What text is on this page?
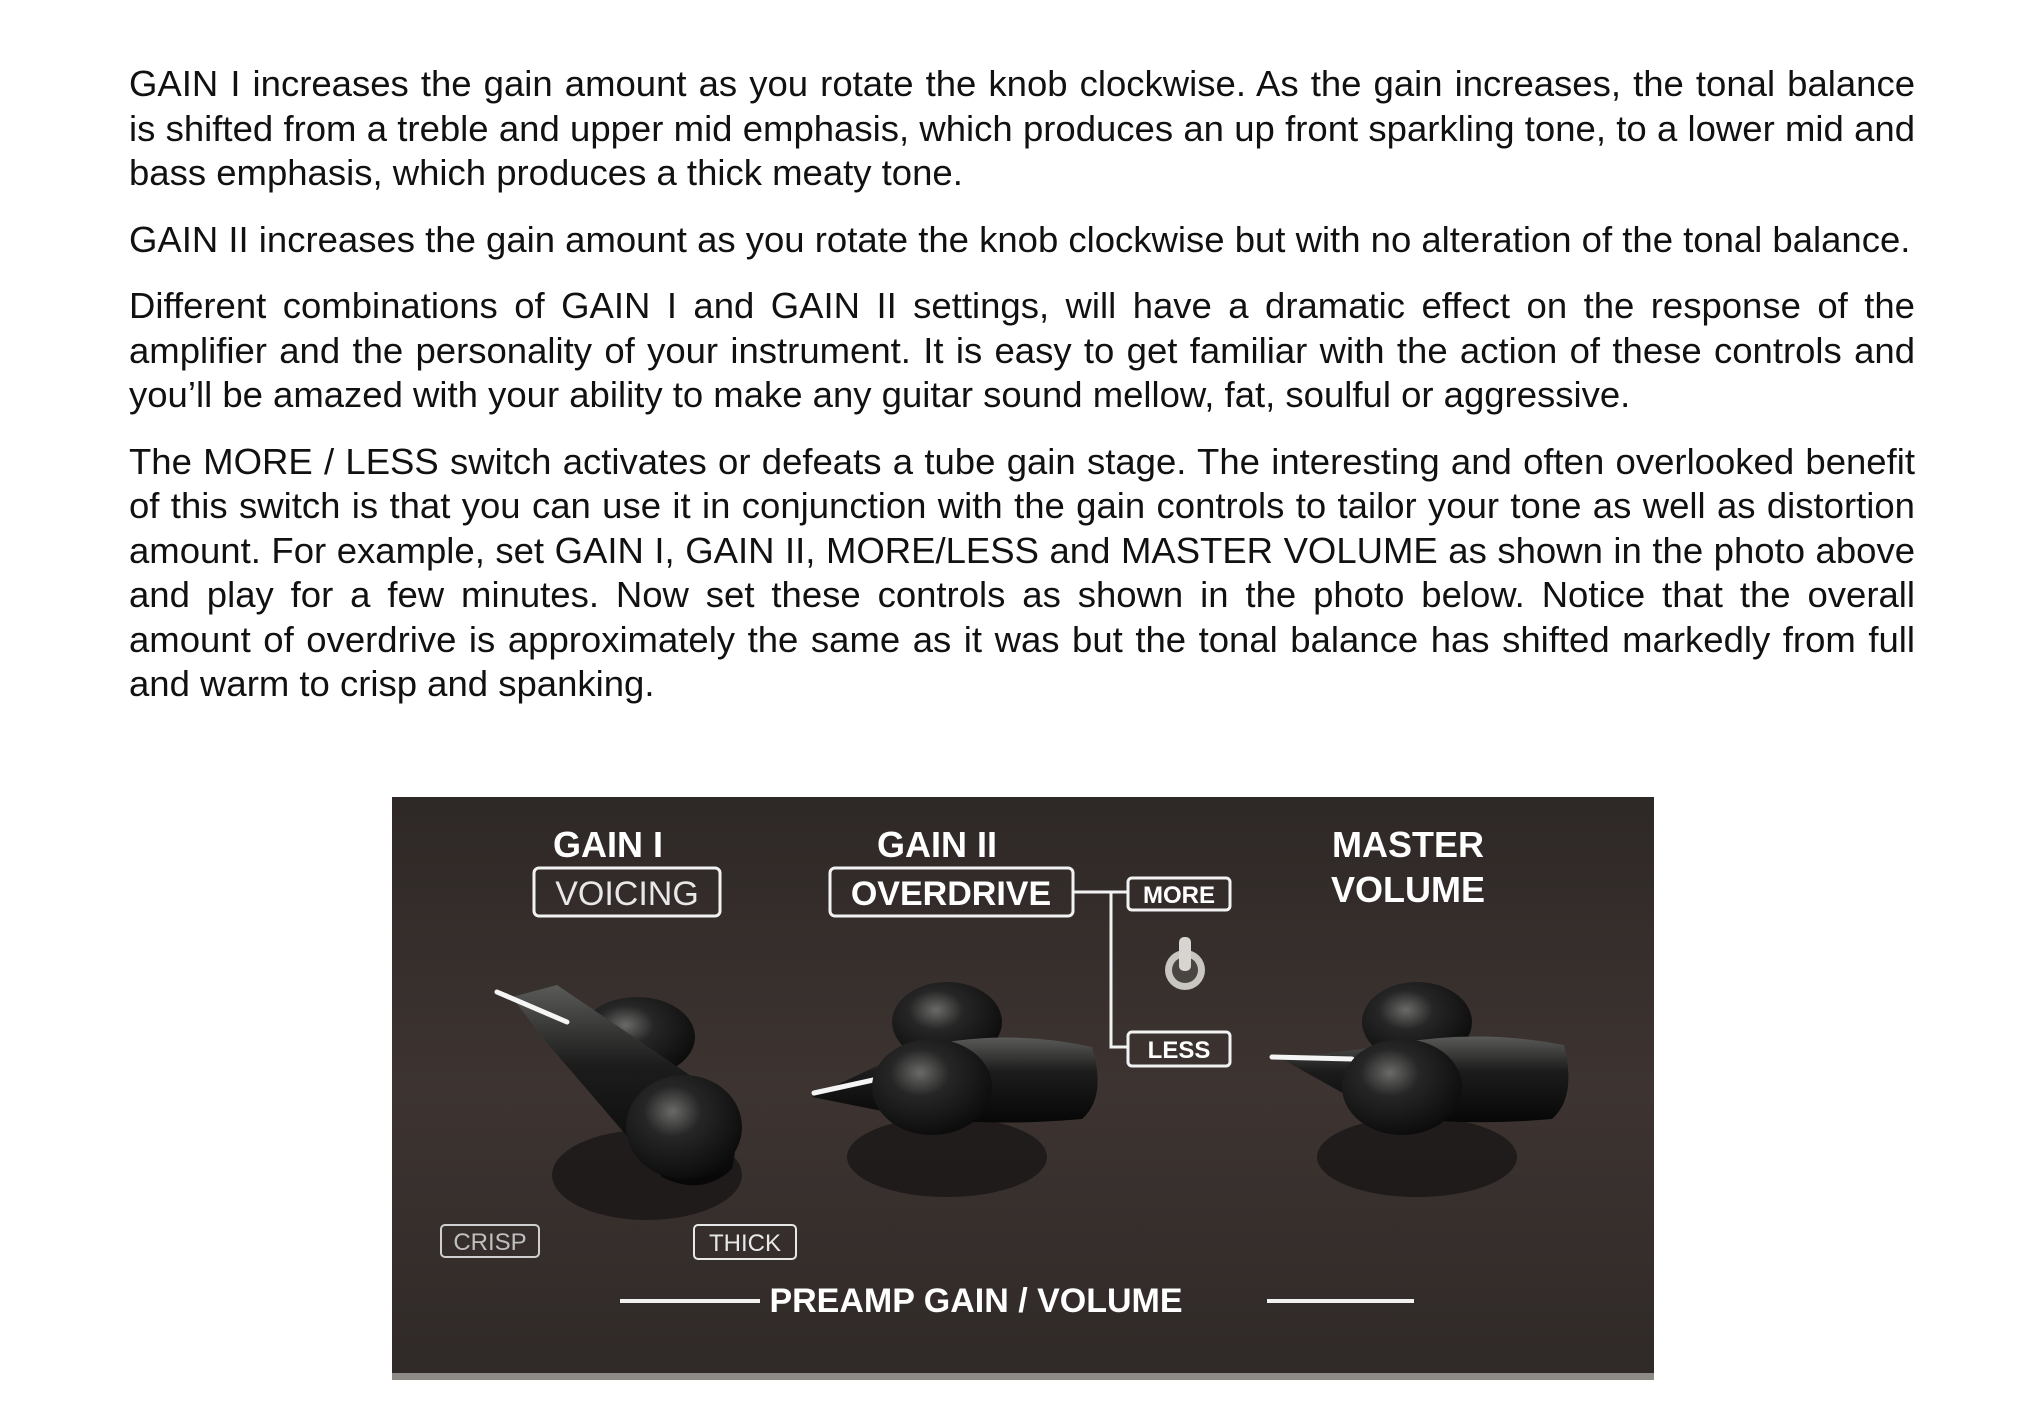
GAIN I increases the gain amount as you rotate the knob clockwise. As the gain increases, the tonal balance is shifted from a treble and upper mid emphasis, which produces an up front sparkling tone, to a lower mid and bass emphasis, which produces a thick meaty tone.

GAIN II increases the gain amount as you rotate the knob clockwise but with no alteration of the tonal balance.

Different combinations of GAIN I and GAIN II settings, will have a dramatic effect on the response of the amplifier and the personality of your instrument. It is easy to get familiar with the action of these controls and you’ll be amazed with your ability to make any guitar sound mellow, fat, soulful or aggressive.

The MORE / LESS switch activates or defeats a tube gain stage. The interesting and often overlooked benefit of this switch is that you can use it in conjunction with the gain controls to tailor your tone as well as distortion amount. For example, set GAIN I, GAIN II, MORE/LESS and MASTER VOLUME as shown in the photo above and play for a few minutes. Now set these controls as shown in the photo below. Notice that the overall amount of overdrive is approximately the same as it was but the tonal balance has shifted markedly from full and warm to crisp and spanking.

GAIN I
VOICING
GAIN II
OVERDRIVE	MORE
LESS
MASTER
VOLUME
CRISP	THICK
PREAMP GAIN / VOLUME
